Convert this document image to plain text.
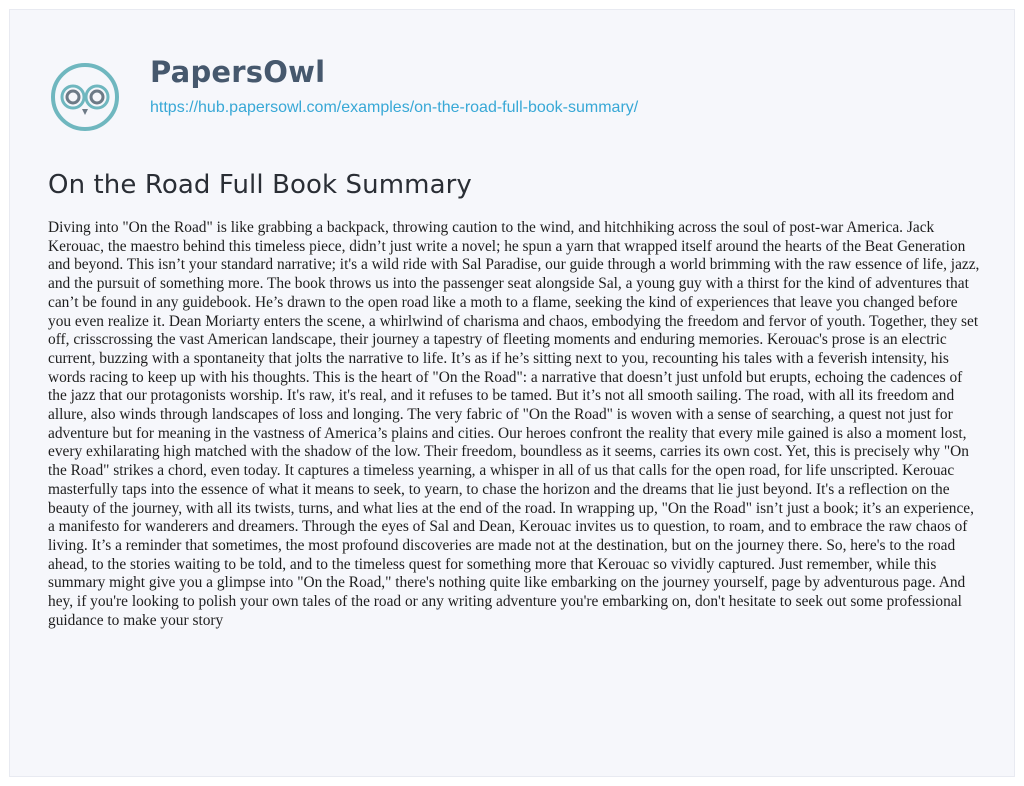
PapersOwl
https://hub.papersowl.com/examples/on-the-road-full-book-summary/
On the Road Full Book Summary

Diving into "On the Road" is like grabbing a backpack, throwing caution to the wind, and hitchhiking across the soul of post-war America. Jack Kerouac, the maestro behind this timeless piece, didn’t just write a novel; he spun a yarn that wrapped itself around the hearts of the Beat Generation and beyond. This isn’t your standard narrative; it's a wild ride with Sal Paradise, our guide through a world brimming with the raw essence of life, jazz, and the pursuit of something more. The book throws us into the passenger seat alongside Sal, a young guy with a thirst for the kind of adventures that can’t be found in any guidebook. He’s drawn to the open road like a moth to a flame, seeking the kind of experiences that leave you changed before you even realize it. Dean Moriarty enters the scene, a whirlwind of charisma and chaos, embodying the freedom and fervor of youth. Together, they set off, crisscrossing the vast American landscape, their journey a tapestry of fleeting moments and enduring memories. Kerouac's prose is an electric current, buzzing with a spontaneity that jolts the narrative to life. It’s as if he’s sitting next to you, recounting his tales with a feverish intensity, his words racing to keep up with his thoughts. This is the heart of "On the Road": a narrative that doesn’t just unfold but erupts, echoing the cadences of the jazz that our protagonists worship. It's raw, it's real, and it refuses to be tamed. But it’s not all smooth sailing. The road, with all its freedom and allure, also winds through landscapes of loss and longing. The very fabric of "On the Road" is woven with a sense of searching, a quest not just for adventure but for meaning in the vastness of America’s plains and cities. Our heroes confront the reality that every mile gained is also a moment lost, every exhilarating high matched with the shadow of the low. Their freedom, boundless as it seems, carries its own cost. Yet, this is precisely why "On the Road" strikes a chord, even today. It captures a timeless yearning, a whisper in all of us that calls for the open road, for life unscripted. Kerouac masterfully taps into the essence of what it means to seek, to yearn, to chase the horizon and the dreams that lie just beyond. It's a reflection on the beauty of the journey, with all its twists, turns, and what lies at the end of the road. In wrapping up, "On the Road" isn’t just a book; it’s an experience, a manifesto for wanderers and dreamers. Through the eyes of Sal and Dean, Kerouac invites us to question, to roam, and to embrace the raw chaos of living. It’s a reminder that sometimes, the most profound discoveries are made not at the destination, but on the journey there. So, here's to the road ahead, to the stories waiting to be told, and to the timeless quest for something more that Kerouac so vividly captured. Just remember, while this summary might give you a glimpse into "On the Road," there's nothing quite like embarking on the journey yourself, page by adventurous page. And hey, if you're looking to polish your own tales of the road or any writing adventure you're embarking on, don't hesitate to seek out some professional guidance to make your story
